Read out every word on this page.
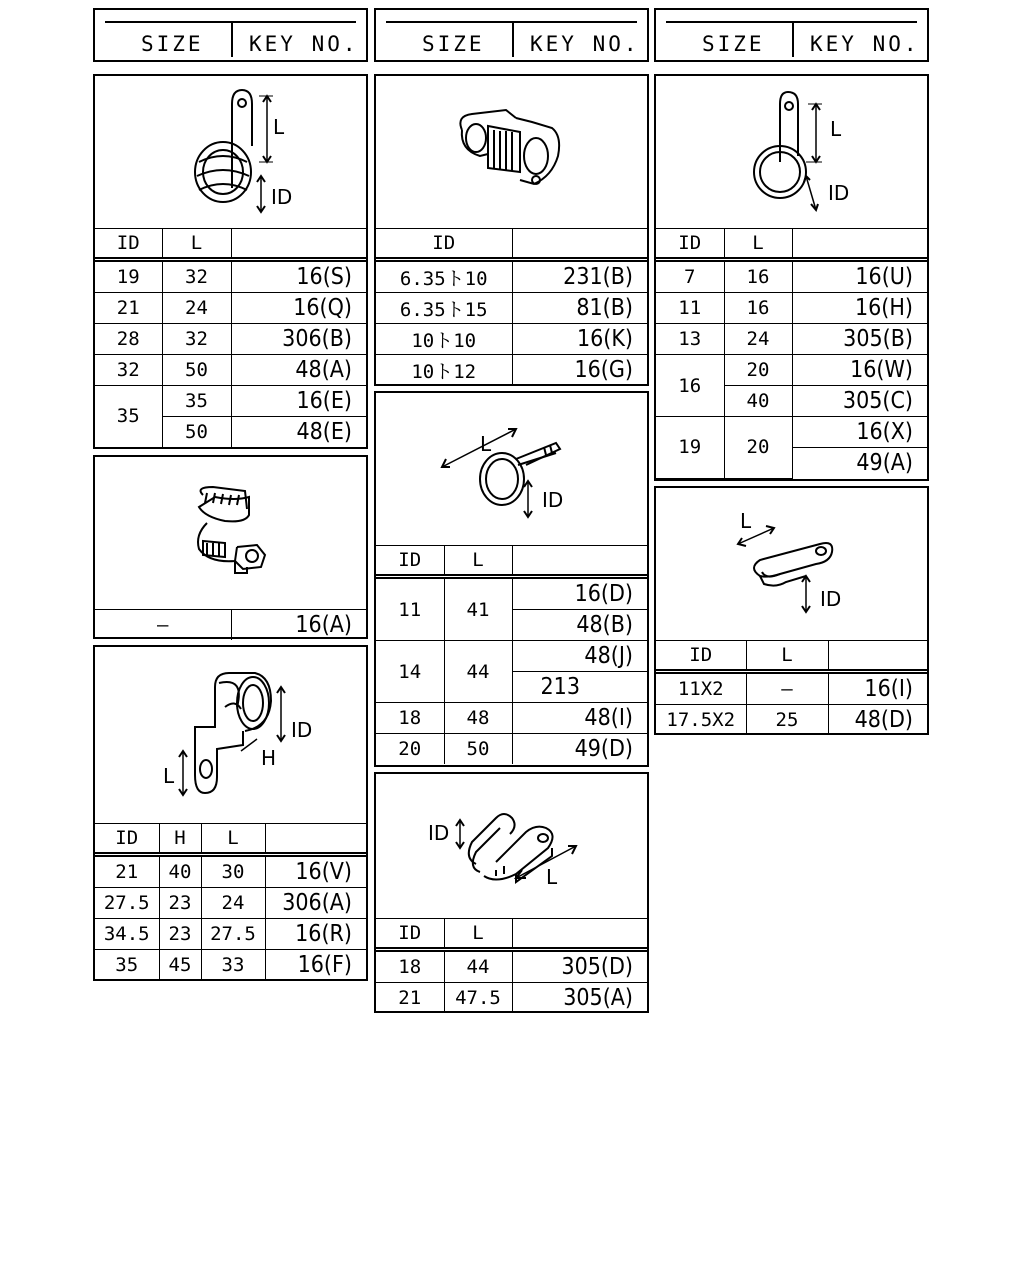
SIZE KEY NO.	SIZE KEY NO.	SIZE KEY NO.
L
ID
ID	L	
19	32	16(S)
21	24	16(Q)
28	32	306(B)
32	50	48(A)
35	35	16(E)
	50	48(E)
—	16(A)
ID
H
L
ID	H	L	
21	40	30	16(V)
27.5	23	24	306(A)
34.5	23	27.5	16(R)
35	45	33	16(F)
ID	
6.35ト10	231(B)
6.35ト15	81(B)
10ト10	16(K)
10ト12	16(G)
L
ID
ID	L	
11	41	16(D)
		48(B)
14	44	48(J)
		213
18	48	48(I)
20	50	49(D)
ID
L
ID	L	
18	44	305(D)
21	47.5	305(A)
L
ID
ID	L	
7	16	16(U)
11	16	16(H)
13	24	305(B)
16	20	16(W)
	40	305(C)
19	20	16(X)
		49(A)
L
ID
ID	L	
11X2	—	16(I)
17.5X2	25	48(D)
